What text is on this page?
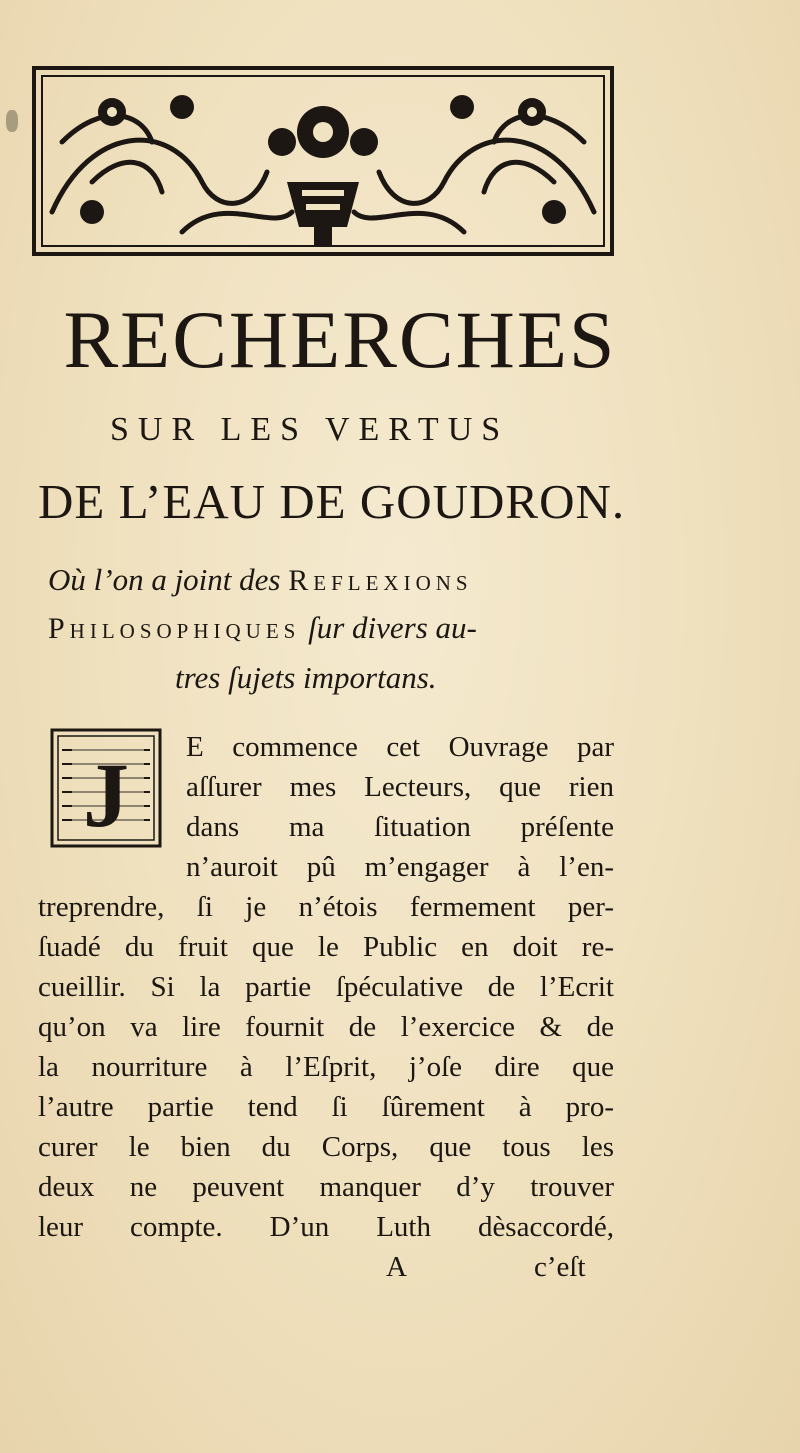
RECHERCHES
SUR LES VERTUS
DE L’EAU DE GOUDRON.
Où l’on a joint des Reflexions
Philosophiques ſur divers au-
tres ſujets importans.
J E commence cet Ouvrage par
aſſurer mes Lecteurs, que rien
dans ma ſituation préſente
n’auroit pû m’engager à l’en-
treprendre, ſi je n’étois fermement per-
ſuadé du fruit que le Public en doit re-
cueillir. Si la partie ſpéculative de l’Ecrit
qu’on va lire fournit de l’exercice & de
la nourriture à l’Eſprit, j’oſe dire que
l’autre partie tend ſi ſûrement à pro-
curer le bien du Corps, que tous les
deux ne peuvent manquer d’y trouver
leur compte. D’un Luth dèsaccordé,
A	c’eſt
